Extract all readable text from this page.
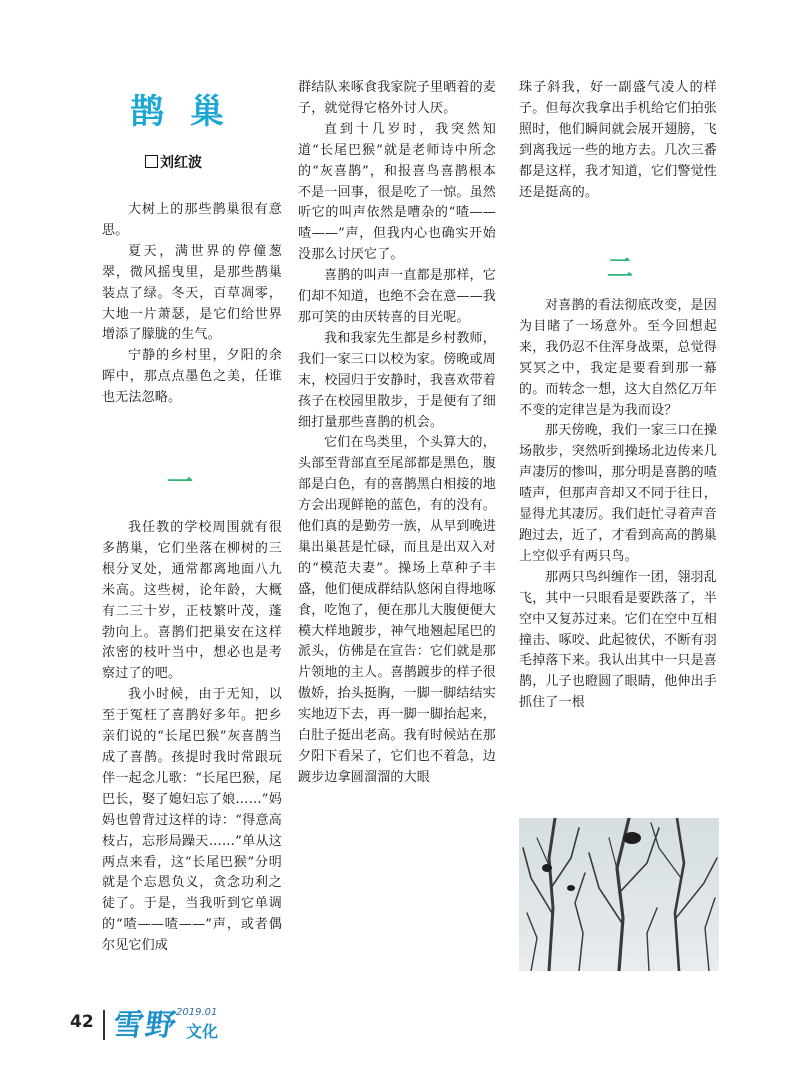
鹊巢
刘红波

大树上的那些鹊巢很有意思。

夏天，满世界的停僮葱翠，微风摇曳里，是那些鹊巢装点了绿。冬天，百草凋零，大地一片萧瑟，是它们给世界增添了朦胧的生气。

宁静的乡村里，夕阳的余晖中，那点点墨色之美，任谁也无法忽略。

一

我任教的学校周围就有很多鹊巢，它们坐落在柳树的三根分叉处，通常都离地面八九米高。这些树，论年龄，大概有二三十岁，正枝繁叶茂，蓬勃向上。喜鹊们把巢安在这样浓密的枝叶当中，想必也是考察过了的吧。

我小时候，由于无知，以至于冤枉了喜鹊好多年。把乡亲们说的“长尾巴猴”灰喜鹊当成了喜鹊。孩提时我时常跟玩伴一起念儿歌：“长尾巴猴，尾巴长，娶了媳妇忘了娘……”妈妈也曾背过这样的诗：“得意高枝占，忘形局躁天……”单从这两点来看，这“长尾巴猴”分明就是个忘恩负义，贪念功利之徒了。于是，当我听到它单调的“喳——喳——”声，或者偶尔见它们成

群结队来啄食我家院子里晒着的麦子，就觉得它格外讨人厌。

直到十几岁时，我突然知道“长尾巴猴”就是老师诗中所念的“灰喜鹊”，和报喜鸟喜鹊根本不是一回事，很是吃了一惊。虽然听它的叫声依然是嘈杂的“喳——喳——”声，但我内心也确实开始没那么讨厌它了。

喜鹊的叫声一直都是那样，它们却不知道，也绝不会在意——我那可笑的由厌转喜的目光呢。

我和我家先生都是乡村教师，我们一家三口以校为家。傍晚或周末，校园归于安静时，我喜欢带着孩子在校园里散步，于是便有了细细打量那些喜鹊的机会。

它们在鸟类里，个头算大的，头部至背部直至尾部都是黑色，腹部是白色，有的喜鹊黑白相接的地方会出现鲜艳的蓝色，有的没有。他们真的是勤劳一族，从早到晚进巢出巢甚是忙碌，而且是出双入对的“模范夫妻”。操场上草种子丰盛，他们便成群结队悠闲自得地啄食，吃饱了，便在那儿大腹便便大模大样地踱步，神气地翘起尾巴的派头，仿佛是在宣告：它们就是那片领地的主人。喜鹊踱步的样子很傲娇，抬头挺胸，一脚一脚结结实实地迈下去，再一脚一脚抬起来，白肚子挺出老高。我有时候站在那夕阳下看呆了，它们也不着急，边踱步边拿圆溜溜的大眼

珠子斜我，好一副盛气凌人的样子。但每次我拿出手机给它们拍张照时，他们瞬间就会展开翅膀，飞到离我远一些的地方去。几次三番都是这样，我才知道，它们警觉性还是挺高的。

二

对喜鹊的看法彻底改变，是因为目睹了一场意外。至今回想起来，我仍忍不住浑身战栗，总觉得冥冥之中，我定是要看到那一幕的。而转念一想，这大自然亿万年不变的定律岂是为我而设？

那天傍晚，我们一家三口在操场散步，突然听到操场北边传来几声凄厉的惨叫，那分明是喜鹊的喳喳声，但那声音却又不同于往日，显得尤其凄厉。我们赶忙寻着声音跑过去，近了，才看到高高的鹊巢上空似乎有两只鸟。

那两只鸟纠缠作一团，翎羽乱飞，其中一只眼看是要跌落了，半空中又复苏过来。它们在空中互相撞击、啄咬、此起彼伏，不断有羽毛掉落下来。我认出其中一只是喜鹊，儿子也瞪圆了眼睛，他伸出手抓住了一根

42 雪野
2019.01
文化
